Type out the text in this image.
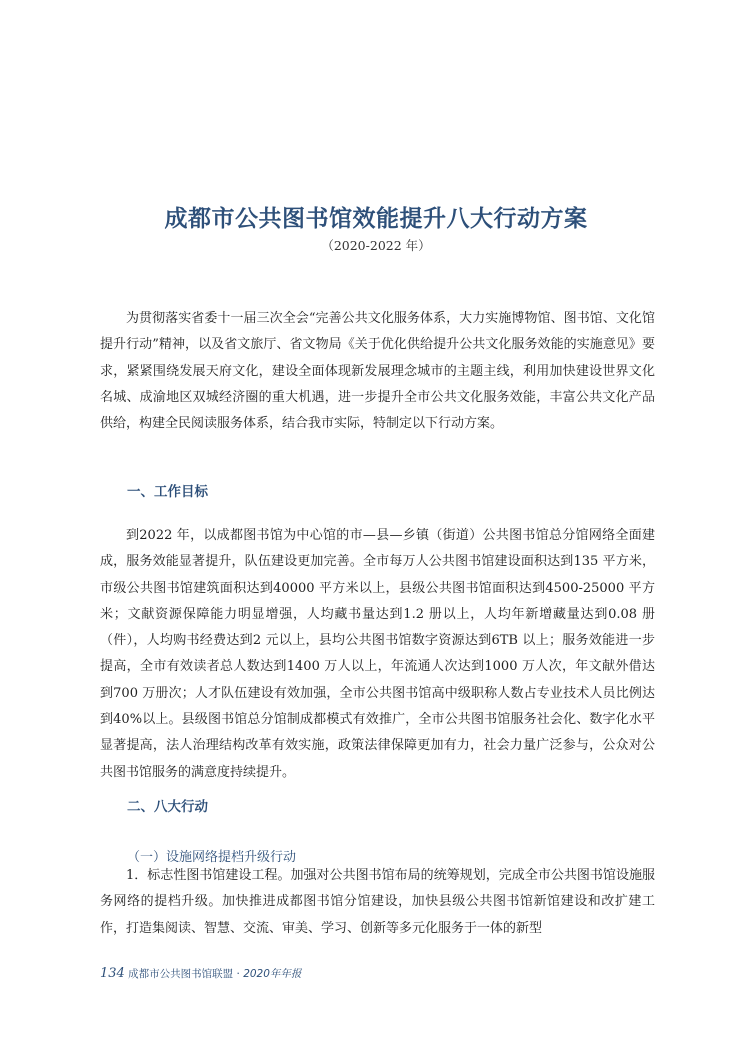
成都市公共图书馆效能提升八大行动方案
（2020-2022 年）

为贯彻落实省委十一届三次全会“完善公共文化服务体系，大力实施博物馆、图书馆、文化馆提升行动”精神，以及省文旅厅、省文物局《关于优化供给提升公共文化服务效能的实施意见》要求，紧紧围绕发展天府文化，建设全面体现新发展理念城市的主题主线，利用加快建设世界文化名城、成渝地区双城经济圈的重大机遇，进一步提升全市公共文化服务效能，丰富公共文化产品供给，构建全民阅读服务体系，结合我市实际，特制定以下行动方案。

一、工作目标

到2022 年，以成都图书馆为中心馆的市—县—乡镇（街道）公共图书馆总分馆网络全面建成，服务效能显著提升，队伍建设更加完善。全市每万人公共图书馆建设面积达到135 平方米，市级公共图书馆建筑面积达到40000 平方米以上，县级公共图书馆面积达到4500-25000 平方米；文献资源保障能力明显增强，人均藏书量达到1.2 册以上，人均年新增藏量达到0.08 册（件），人均购书经费达到2 元以上，县均公共图书馆数字资源达到6TB 以上；服务效能进一步提高，全市有效读者总人数达到1400 万人以上，年流通人次达到1000 万人次，年文献外借达到700 万册次；人才队伍建设有效加强，全市公共图书馆高中级职称人数占专业技术人员比例达到40%以上。县级图书馆总分馆制成都模式有效推广，全市公共图书馆服务社会化、数字化水平显著提高，法人治理结构改革有效实施，政策法律保障更加有力，社会力量广泛参与，公众对公共图书馆服务的满意度持续提升。

二、八大行动
（一）设施网络提档升级行动

1．标志性图书馆建设工程。加强对公共图书馆布局的统筹规划，完成全市公共图书馆设施服务网络的提档升级。加快推进成都图书馆分馆建设，加快县级公共图书馆新馆建设和改扩建工作，打造集阅读、智慧、交流、审美、学习、创新等多元化服务于一体的新型

134 成都市公共图书馆联盟 · 2020年年报
